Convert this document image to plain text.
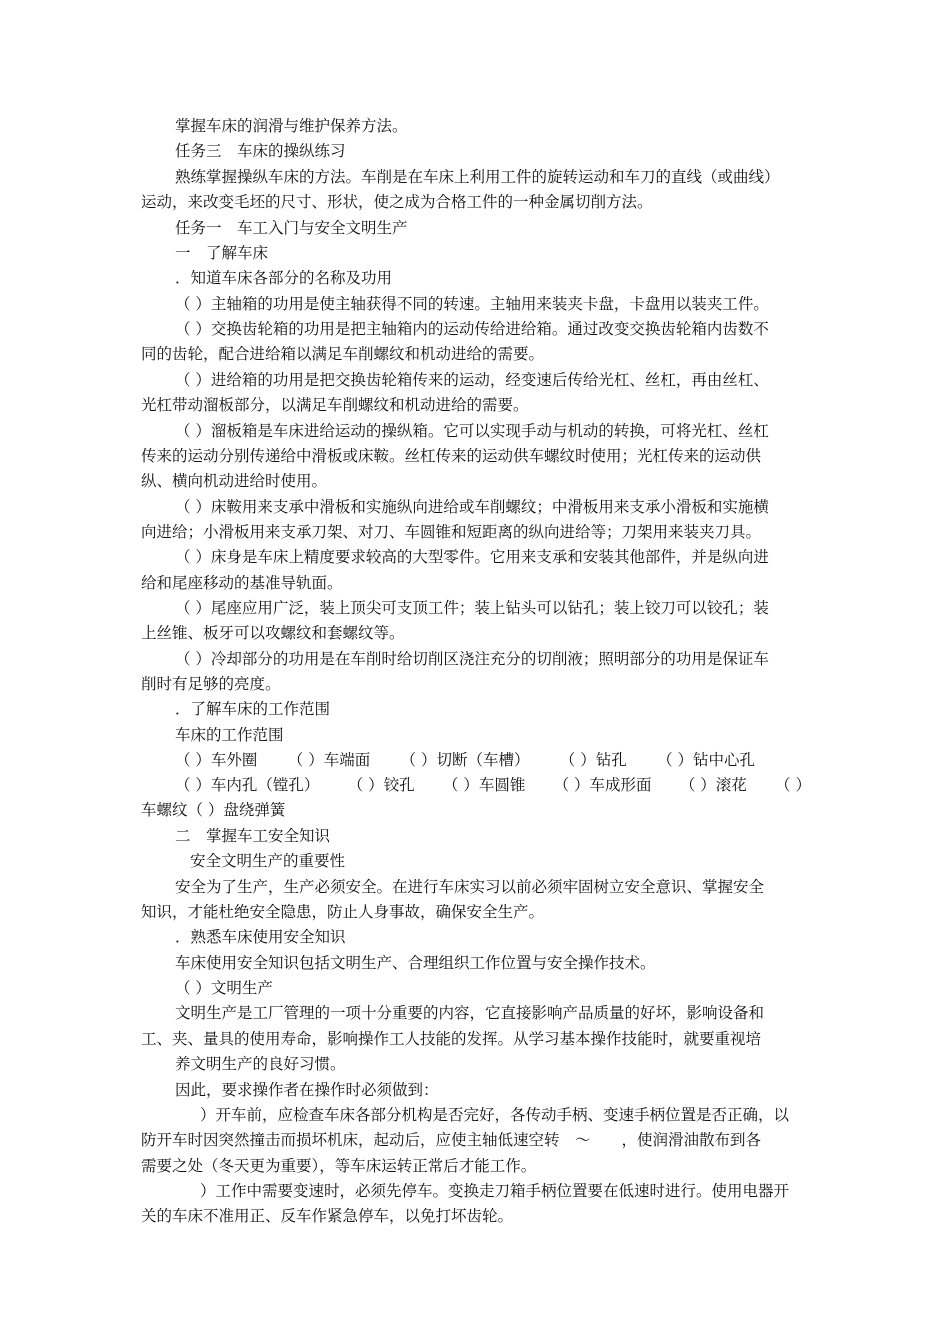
掌握车床的润滑与维护保养方法。
任务三　车床的操纵练习
熟练掌握操纵车床的方法。车削是在车床上利用工件的旋转运动和车刀的直线（或曲线）
运动，来改变毛坯的尺寸、形状，使之成为合格工件的一种金属切削方法。
任务一　车工入门与安全文明生产
一　了解车床
．知道车床各部分的名称及功用
（ ）主轴箱的功用是使主轴获得不同的转速。主轴用来装夹卡盘，卡盘用以装夹工件。
（ ）交换齿轮箱的功用是把主轴箱内的运动传给进给箱。通过改变交换齿轮箱内齿数不
同的齿轮，配合进给箱以满足车削螺纹和机动进给的需要。
（ ）进给箱的功用是把交换齿轮箱传来的运动，经变速后传给光杠、丝杠，再由丝杠、
光杠带动溜板部分，以满足车削螺纹和机动进给的需要。
（ ）溜板箱是车床进给运动的操纵箱。它可以实现手动与机动的转换，可将光杠、丝杠
传来的运动分别传递给中滑板或床鞍。丝杠传来的运动供车螺纹时使用；光杠传来的运动供
纵、横向机动进给时使用。
（ ）床鞍用来支承中滑板和实施纵向进给或车削螺纹；中滑板用来支承小滑板和实施横
向进给；小滑板用来支承刀架、对刀、车圆锥和短距离的纵向进给等；刀架用来装夹刀具。
（ ）床身是车床上精度要求较高的大型零件。它用来支承和安装其他部件，并是纵向进
给和尾座移动的基准导轨面。
（ ）尾座应用广泛，装上顶尖可支顶工件；装上钻头可以钻孔；装上铰刀可以铰孔；装
上丝锥、板牙可以攻螺纹和套螺纹等。
（ ）冷却部分的功用是在车削时给切削区浇注充分的切削液；照明部分的功用是保证车
削时有足够的亮度。
．了解车床的工作范围
车床的工作范围
（ ）车外圈 （ ）车端面 （ ）切断（车槽） （ ）钻孔 （ ）钻中心孔
（ ）车内孔（镗孔） （ ）铰孔 （ ）车圆锥 （ ）车成形面 （ ）滚花 （ ）
车螺纹（ ）盘绕弹簧
二　掌握车工安全知识
安全文明生产的重要性
安全为了生产，生产必须安全。在进行车床实习以前必须牢固树立安全意识、掌握安全
知识，才能杜绝安全隐患，防止人身事故，确保安全生产。
．熟悉车床使用安全知识
车床使用安全知识包括文明生产、合理组织工作位置与安全操作技术。
（ ）文明生产
文明生产是工厂管理的一项十分重要的内容，它直接影响产品质量的好坏，影响设备和
工、夹、量具的使用寿命，影响操作工人技能的发挥。从学习基本操作技能时，就要重视培
养文明生产的良好习惯。
因此，要求操作者在操作时必须做到：
）开车前，应检查车床各部分机构是否完好，各传动手柄、变速手柄位置是否正确，以
防开车时因突然撞击而损坏机床，起动后，应使主轴低速空转　～　　，使润滑油散布到各
需要之处（冬天更为重要），等车床运转正常后才能工作。
）工作中需要变速时，必须先停车。变换走刀箱手柄位置要在低速时进行。使用电器开
关的车床不准用正、反车作紧急停车，以免打坏齿轮。
